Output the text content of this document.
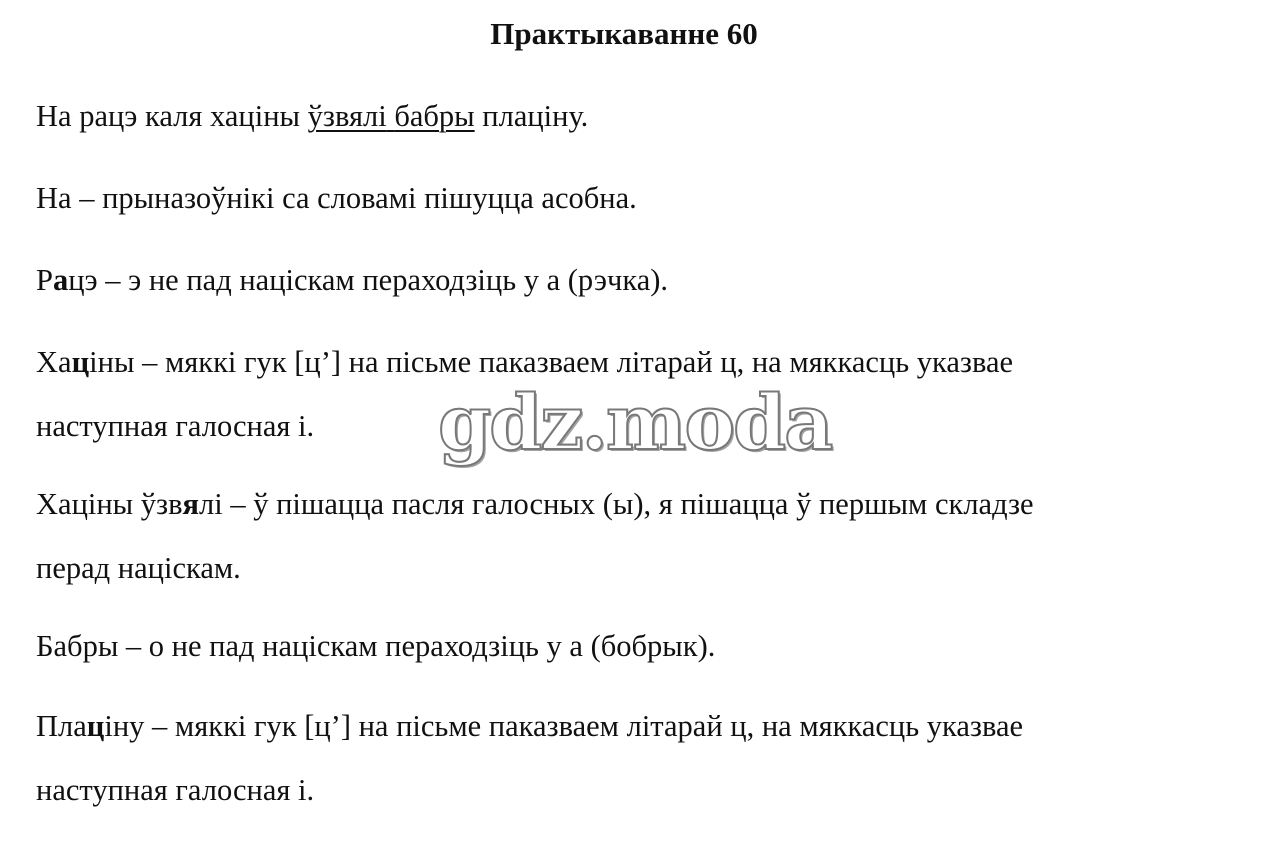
Практыкаванне 60
На рацэ каля хаціны ўзвялі бабры плаціну.
На – прыназоўнікі са словамі пішуцца асобна.
Рацэ – э не пад націскам пераходзіць у а (рэчка).
Хаціны – мяккі гук [ц’] на пісьме паказваем літарай ц, на мяккасць указвае
наступная галосная і.
Хаціны ўзвялі – ў пішацца пасля галосных (ы), я пішацца ў першым складзе
перад націскам.
Бабры – о не пад націскам пераходзіць у а (бобрык).
Плаціну – мяккі гук [ц’] на пісьме паказваем літарай ц, на мяккасць указвае
наступная галосная і.
gdz.moda
